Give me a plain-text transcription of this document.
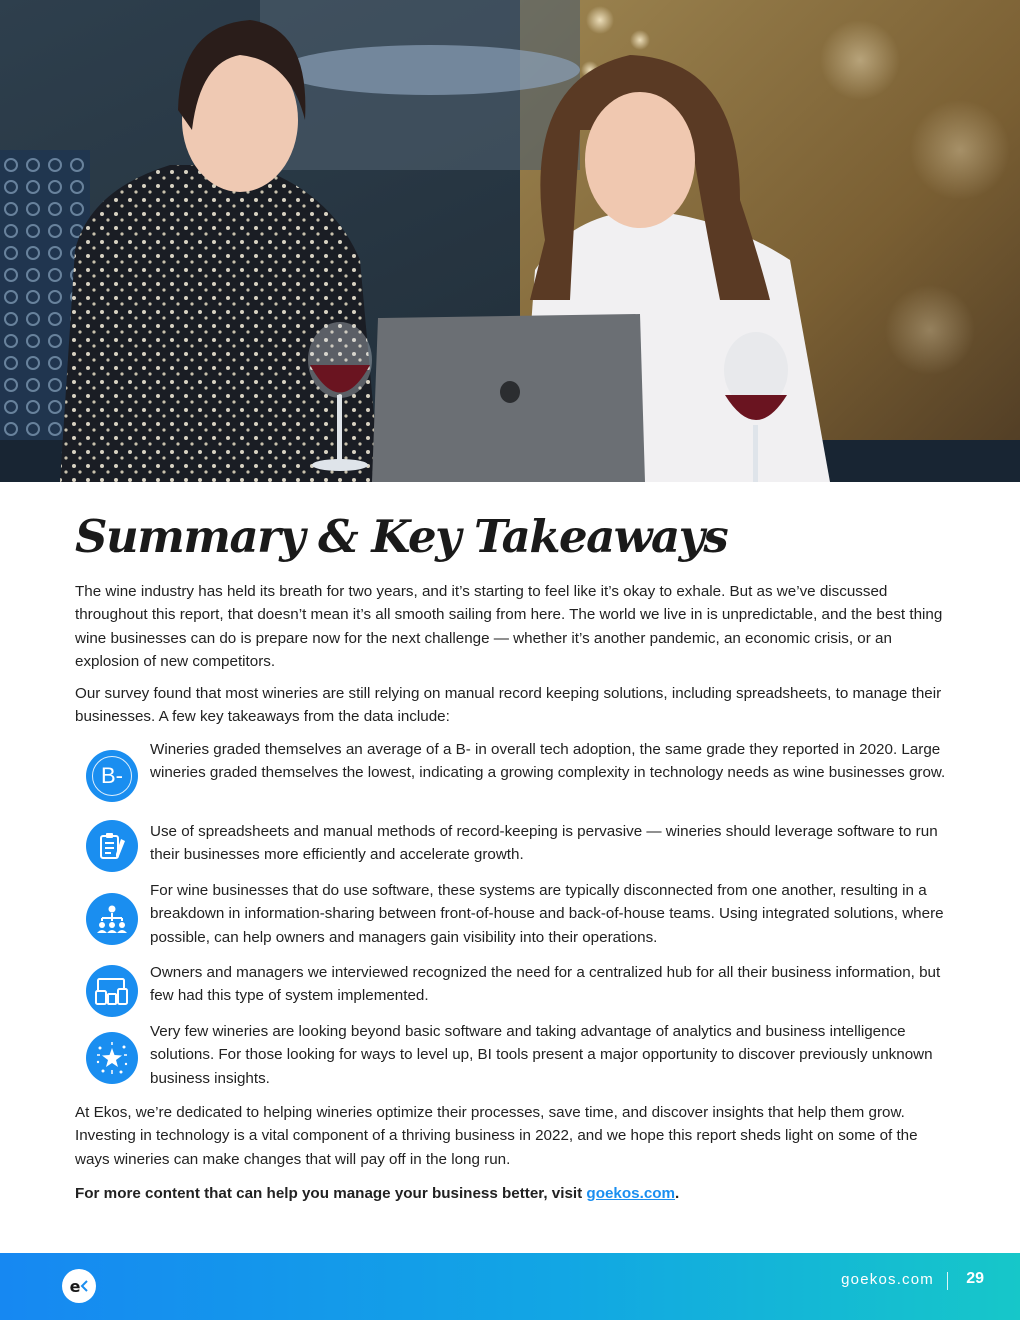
Summary & Key Takeaways

The wine industry has held its breath for two years, and it’s starting to feel like it’s okay to exhale. But as we’ve discussed throughout this report, that doesn’t mean it’s all smooth sailing from here. The world we live in is unpredictable, and the best thing wine businesses can do is prepare now for the next challenge — whether it’s another pandemic, an economic crisis, or an explosion of new competitors.

Our survey found that most wineries are still relying on manual record keeping solutions, including spreadsheets, to manage their businesses. A few key takeaways from the data include:

B-

Wineries graded themselves an average of a B- in overall tech adoption, the same grade they reported in 2020. Large wineries graded themselves the lowest, indicating a growing complexity in technology needs as wine businesses grow.

Use of spreadsheets and manual methods of record-keeping is pervasive — wineries should leverage software to run their businesses more efficiently and accelerate growth.

For wine businesses that do use software, these systems are typically disconnected from one another, resulting in a breakdown in information-sharing between front-of-house and back-of-house teams. Using integrated solutions, where possible, can help owners and managers gain visibility into their operations.

Owners and managers we interviewed recognized the need for a centralized hub for all their business information, but few had this type of system implemented.

Very few wineries are looking beyond basic software and taking advantage of analytics and business intelligence solutions. For those looking for ways to level up, BI tools present a major opportunity to discover previously unknown business insights.

At Ekos, we’re dedicated to helping wineries optimize their processes, save time, and discover insights that help them grow. Investing in technology is a vital component of a thriving business in 2022, and we hope this report sheds light on some of the ways wineries can make changes that will pay off in the long run.

For more content that can help you manage your business better, visit goekos.com.

e	goekos.com 29
